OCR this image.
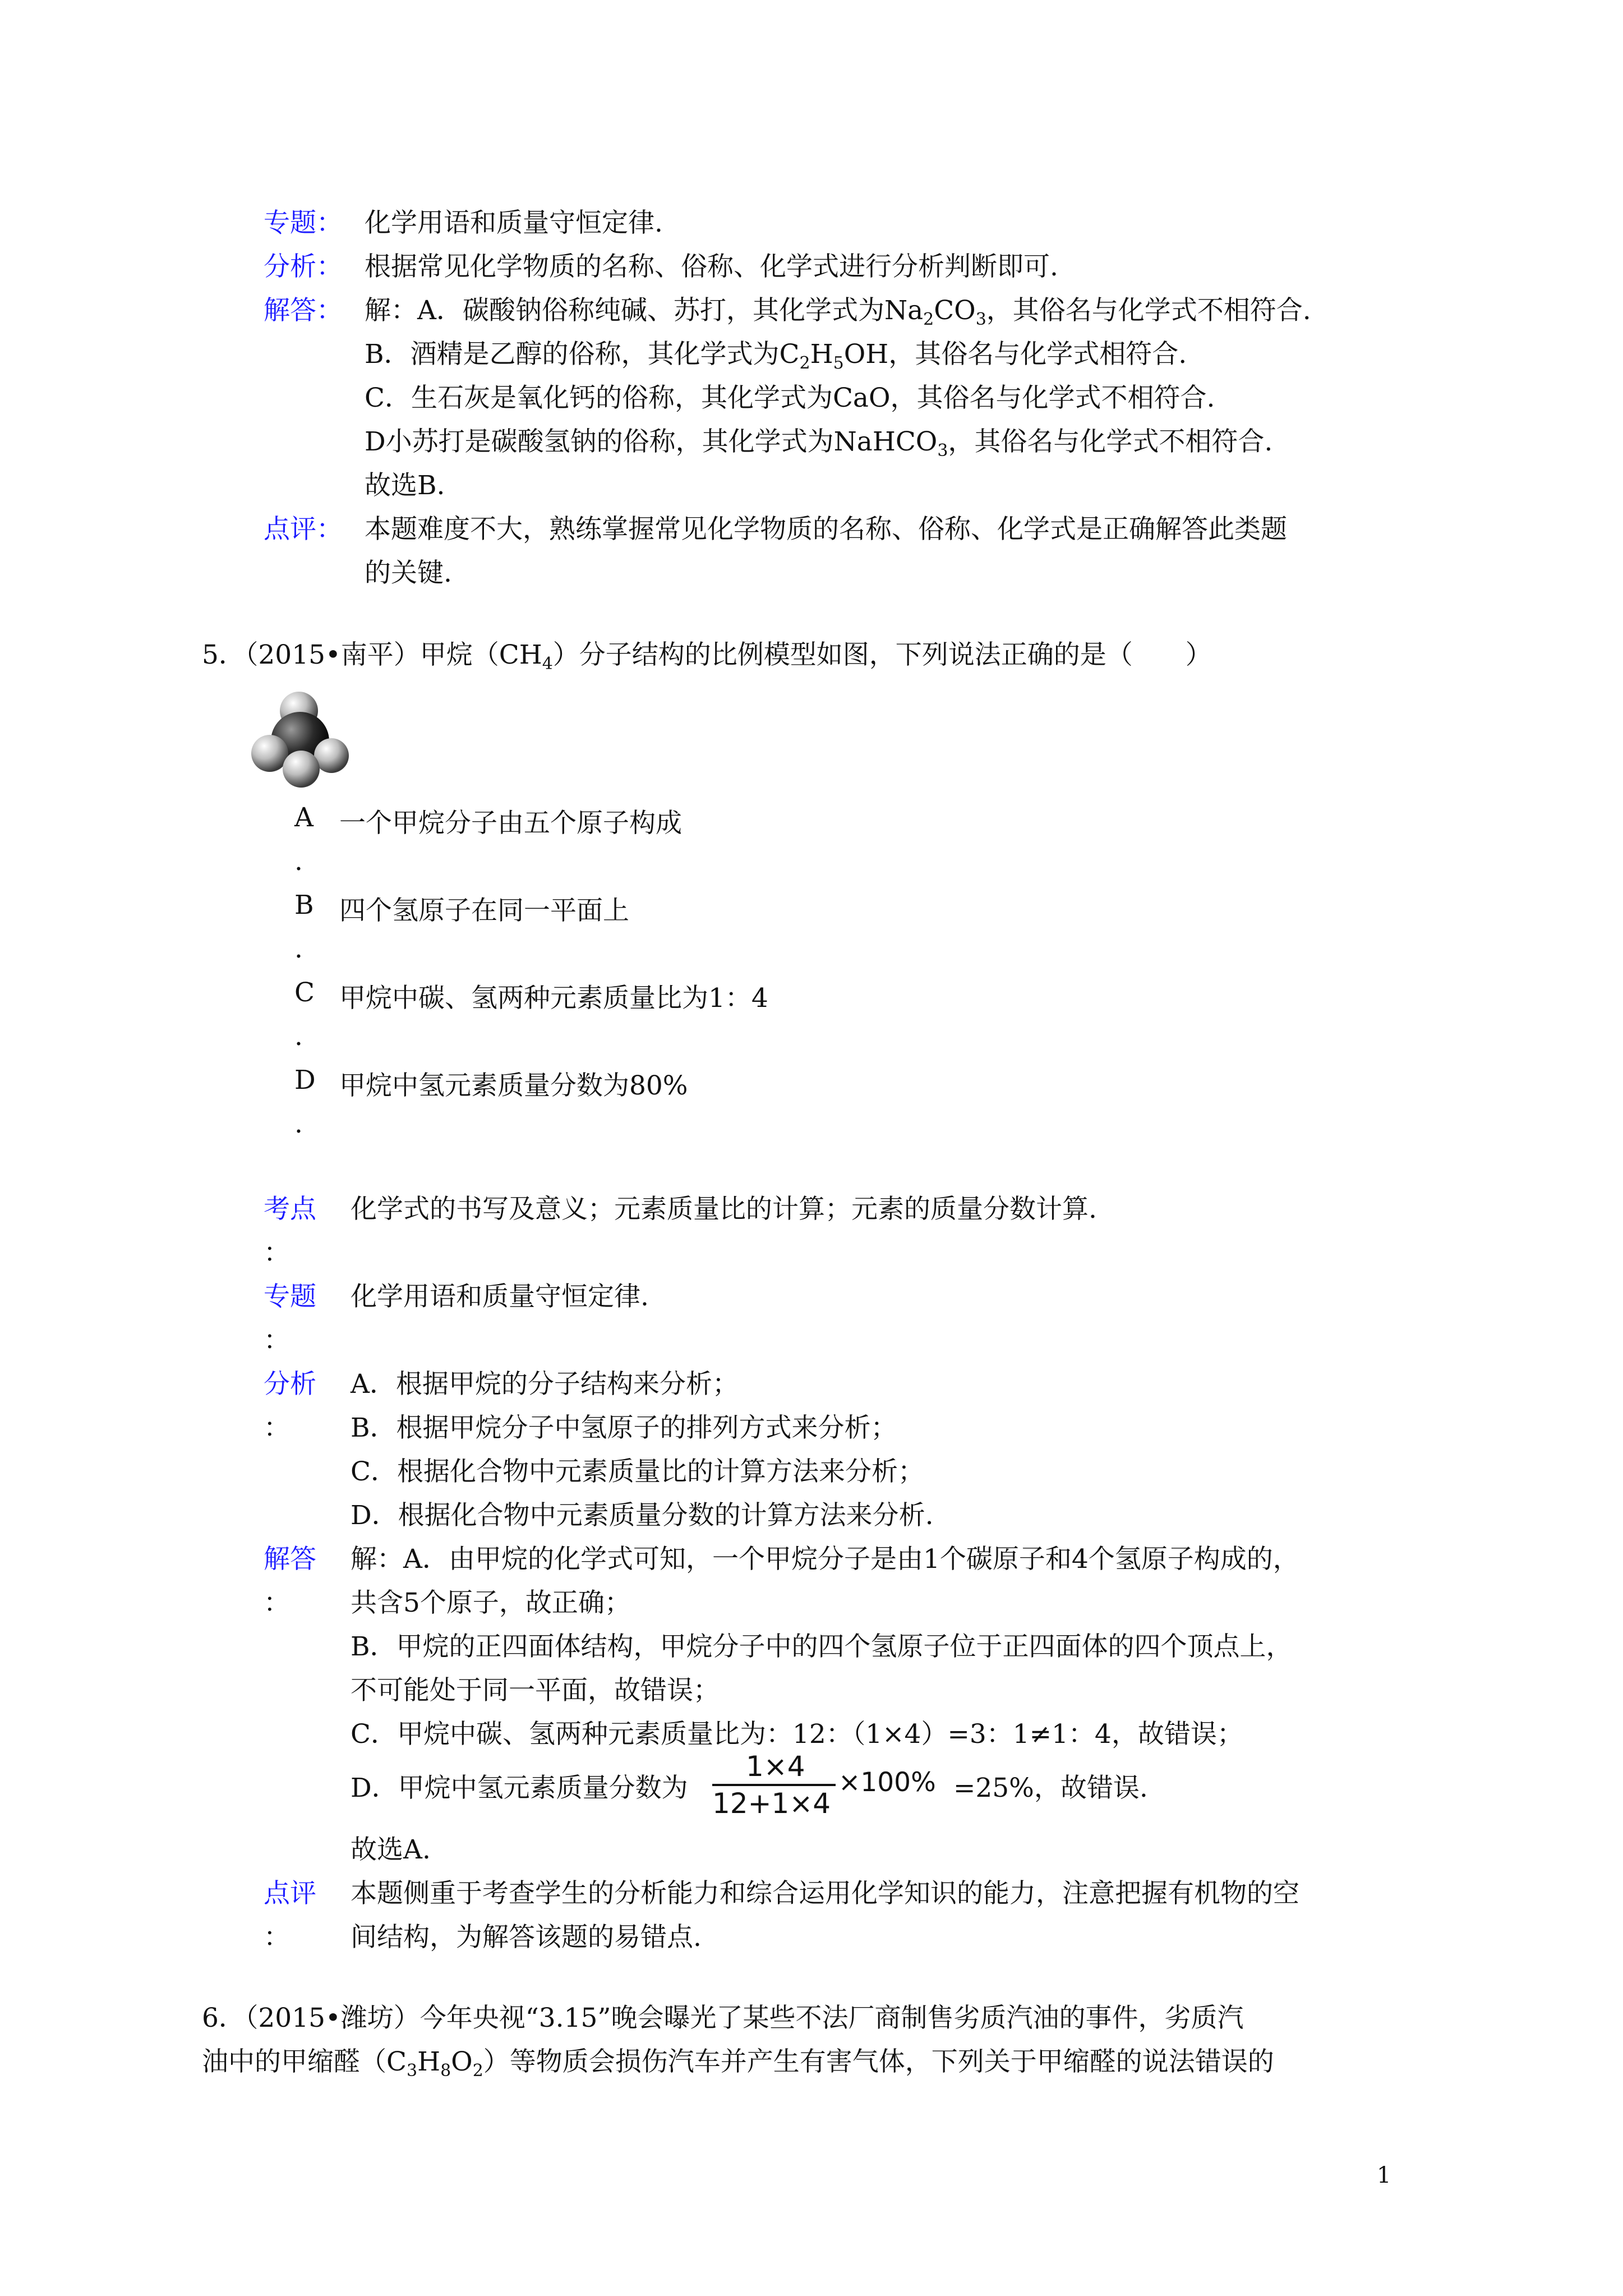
专题： 化学用语和质量守恒定律.
分析： 根据常见化学物质的名称、俗称、化学式进行分析判断即可.
解答： 解：A．碳酸钠俗称纯碱、苏打，其化学式为$Na_2CO_3$，其俗名与化学式不相符合.
B．酒精是乙醇的俗称，其化学式为$C_2H_5OH$，其俗名与化学式相符合.
C．生石灰是氧化钙的俗称，其化学式为CaO，其俗名与化学式不相符合.
D小苏打是碳酸氢钠的俗称，其化学式为NaHCO$_3$，其俗名与化学式不相符合.
故选B.
点评： 本题难度不大，熟练掌握常见化学物质的名称、俗称、化学式是正确解答此类题
的关键.
5．（2015•南平）甲烷$(CH_4)$分子结构的比例模型如图，下列说法正确的是（　　）
A 一个甲烷分子由五个原子构成
.
B 四个氢原子在同一平面上
.
C 甲烷中碳、氢两种元素质量比为1：4
.
D 甲烷中氢元素质量分数为80%
.
考点 化学式的书写及意义；元素质量比的计算；元素的质量分数计算.
：
专题 化学用语和质量守恒定律.
：
分析
：
A．根据甲烷的分子结构来分析；
B．根据甲烷分子中氢原子的排列方式来分析；
C．根据化合物中元素质量比的计算方法来分析；
D．根据化合物中元素质量分数的计算方法来分析.
解答
：
解：A．由甲烷的化学式可知，一个甲烷分子是由1个碳原子和4个氢原子构成的，
共含5个原子，故正确；
B．甲烷的正四面体结构，甲烷分子中的四个氢原子位于正四面体的四个顶点上，
不可能处于同一平面，故错误；
C．甲烷中碳、氢两种元素质量比为：12：（1×4）=3：1≠1：4，故错误；
D．甲烷中氢元素质量分数为
1×4
12+1×4
×100% =25%，故错误.
故选A.
点评
：
本题侧重于考查学生的分析能力和综合运用化学知识的能力，注意把握有机物的空
间结构，为解答该题的易错点.
6．（2015•潍坊）今年央视“3.15”晚会曝光了某些不法厂商制售劣质汽油的事件，劣质汽
油中的甲缩醛$(C_3H_8O_2)$等物质会损伤汽车并产生有害气体，下列关于甲缩醛的说法错误的
1
